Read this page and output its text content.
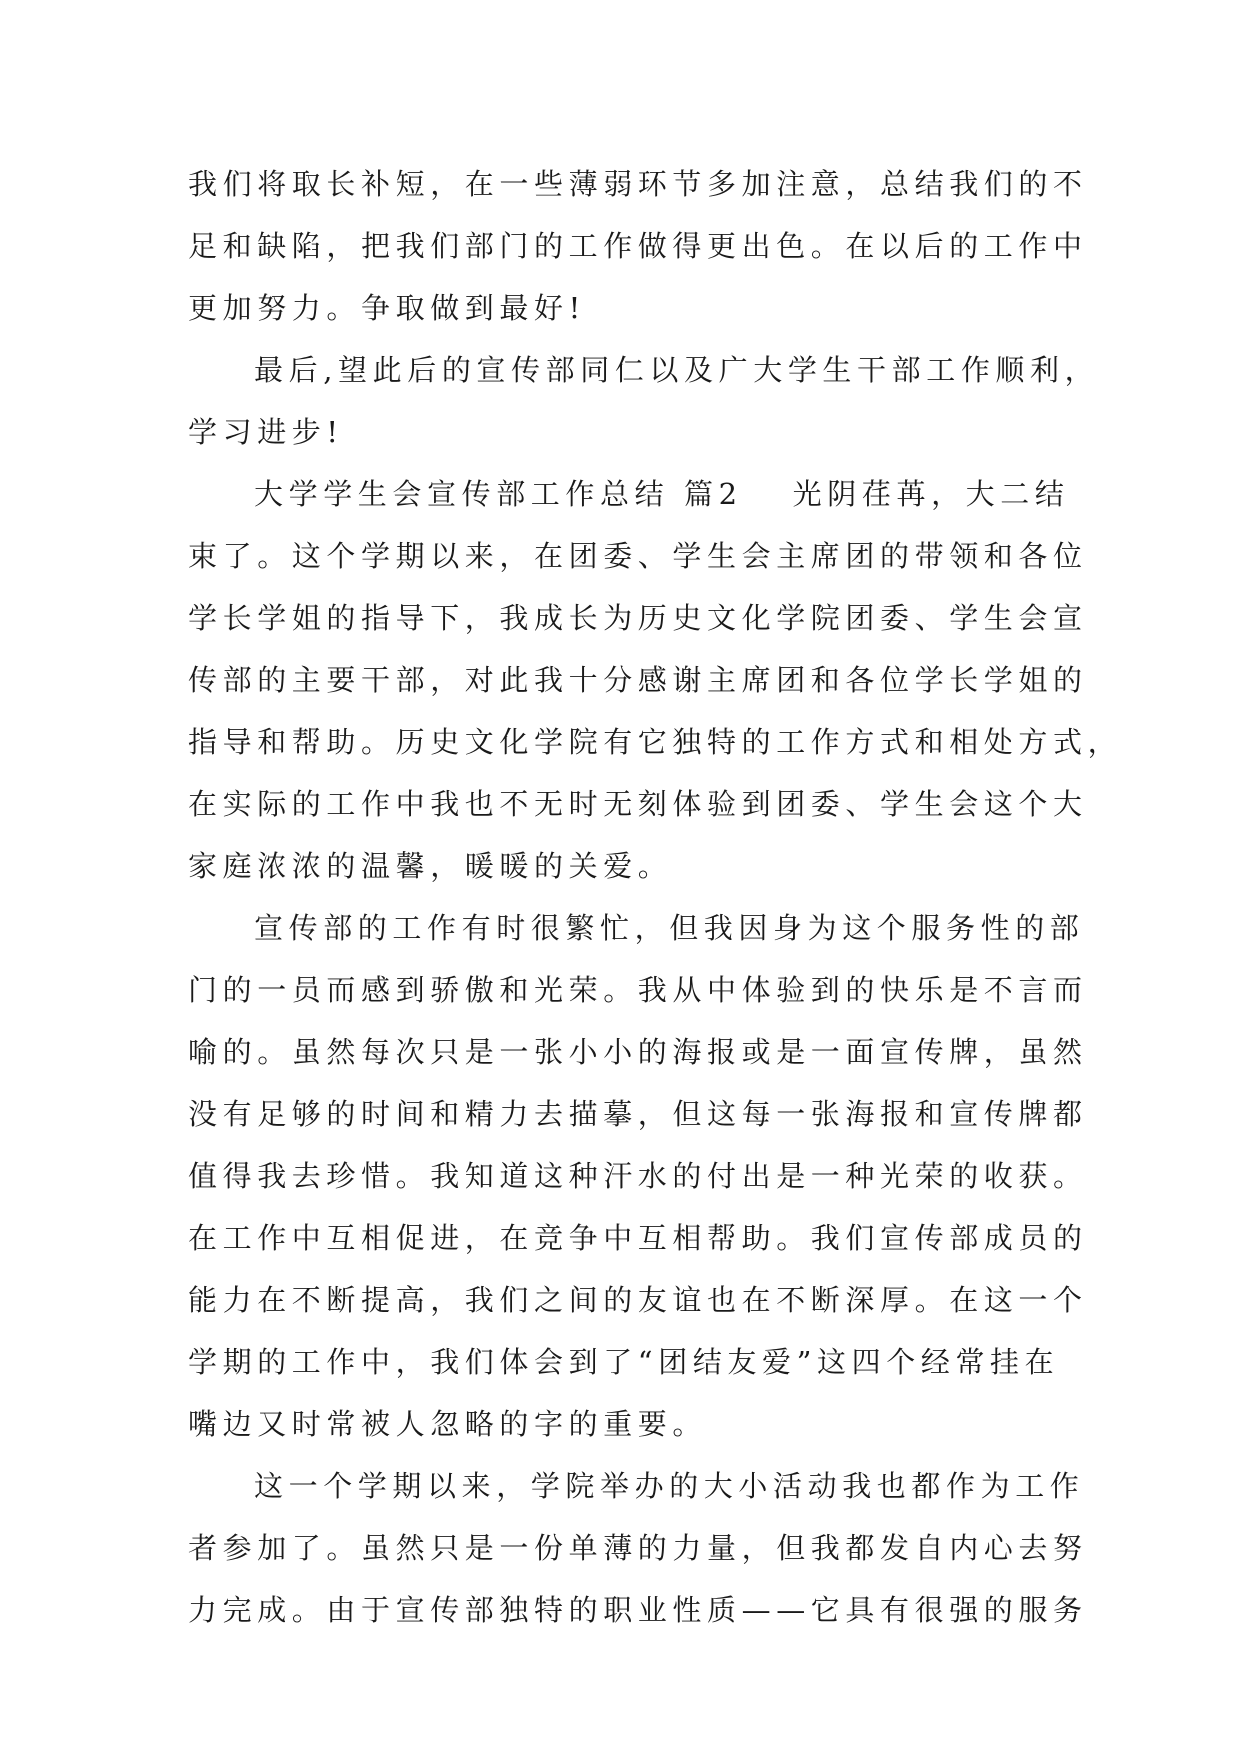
我们将取长补短，在一些薄弱环节多加注意，总结我们的不
足和缺陷，把我们部门的工作做得更出色。在以后的工作中
更加努力。争取做到最好!
最后,望此后的宣传部同仁以及广大学生干部工作顺利，
学习进步!
大学学生会宣传部工作总结 篇2 光阴荏苒，大二结
束了。这个学期以来，在团委、学生会主席团的带领和各位
学长学姐的指导下，我成长为历史文化学院团委、学生会宣
传部的主要干部，对此我十分感谢主席团和各位学长学姐的
指导和帮助。历史文化学院有它独特的工作方式和相处方式，
在实际的工作中我也不无时无刻体验到团委、学生会这个大
家庭浓浓的温馨，暖暖的关爱。
宣传部的工作有时很繁忙，但我因身为这个服务性的部
门的一员而感到骄傲和光荣。我从中体验到的快乐是不言而
喻的。虽然每次只是一张小小的海报或是一面宣传牌，虽然
没有足够的时间和精力去描摹，但这每一张海报和宣传牌都
值得我去珍惜。我知道这种汗水的付出是一种光荣的收获。
在工作中互相促进，在竞争中互相帮助。我们宣传部成员的
能力在不断提高，我们之间的友谊也在不断深厚。在这一个
学期的工作中，我们体会到了“团结友爱”这四个经常挂在
嘴边又时常被人忽略的字的重要。
这一个学期以来，学院举办的大小活动我也都作为工作
者参加了。虽然只是一份单薄的力量，但我都发自内心去努
力完成。由于宣传部独特的职业性质——它具有很强的服务
